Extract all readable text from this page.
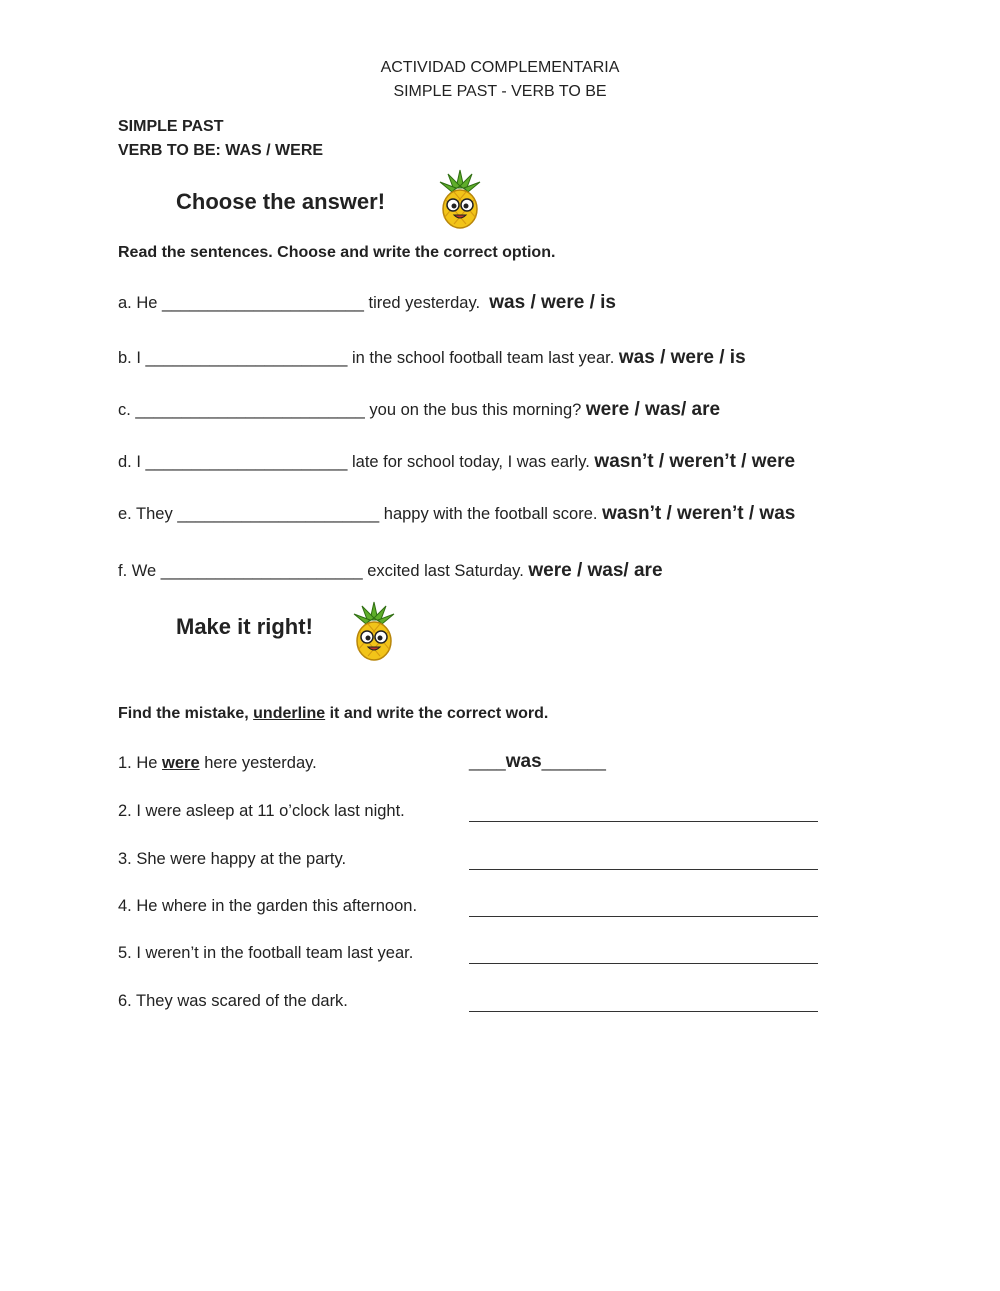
ACTIVIDAD COMPLEMENTARIA
SIMPLE PAST - VERB TO BE
SIMPLE PAST
VERB TO BE: WAS / WERE
Choose the answer!
Read the sentences. Choose and write the correct option.
a. He ______________________ tired yesterday. was / were / is
b. I ______________________ in the school football team last year. was / were / is
c. _________________________ you on the bus this morning? were / was/ are
d. I ______________________ late for school today, I was early. wasn’t / weren’t / were
e. They ______________________ happy with the football score. wasn’t / weren’t / was
f. We ______________________ excited last Saturday. were / was/ are
Make it right!
Find the mistake, underline it and write the correct word.
1. He were here yesterday.	____was_______
2. I were asleep at 11 o’clock last night.
3. She were happy at the party.
4. He where in the garden this afternoon.
5. I weren’t in the football team last year.
6. They was scared of the dark.
